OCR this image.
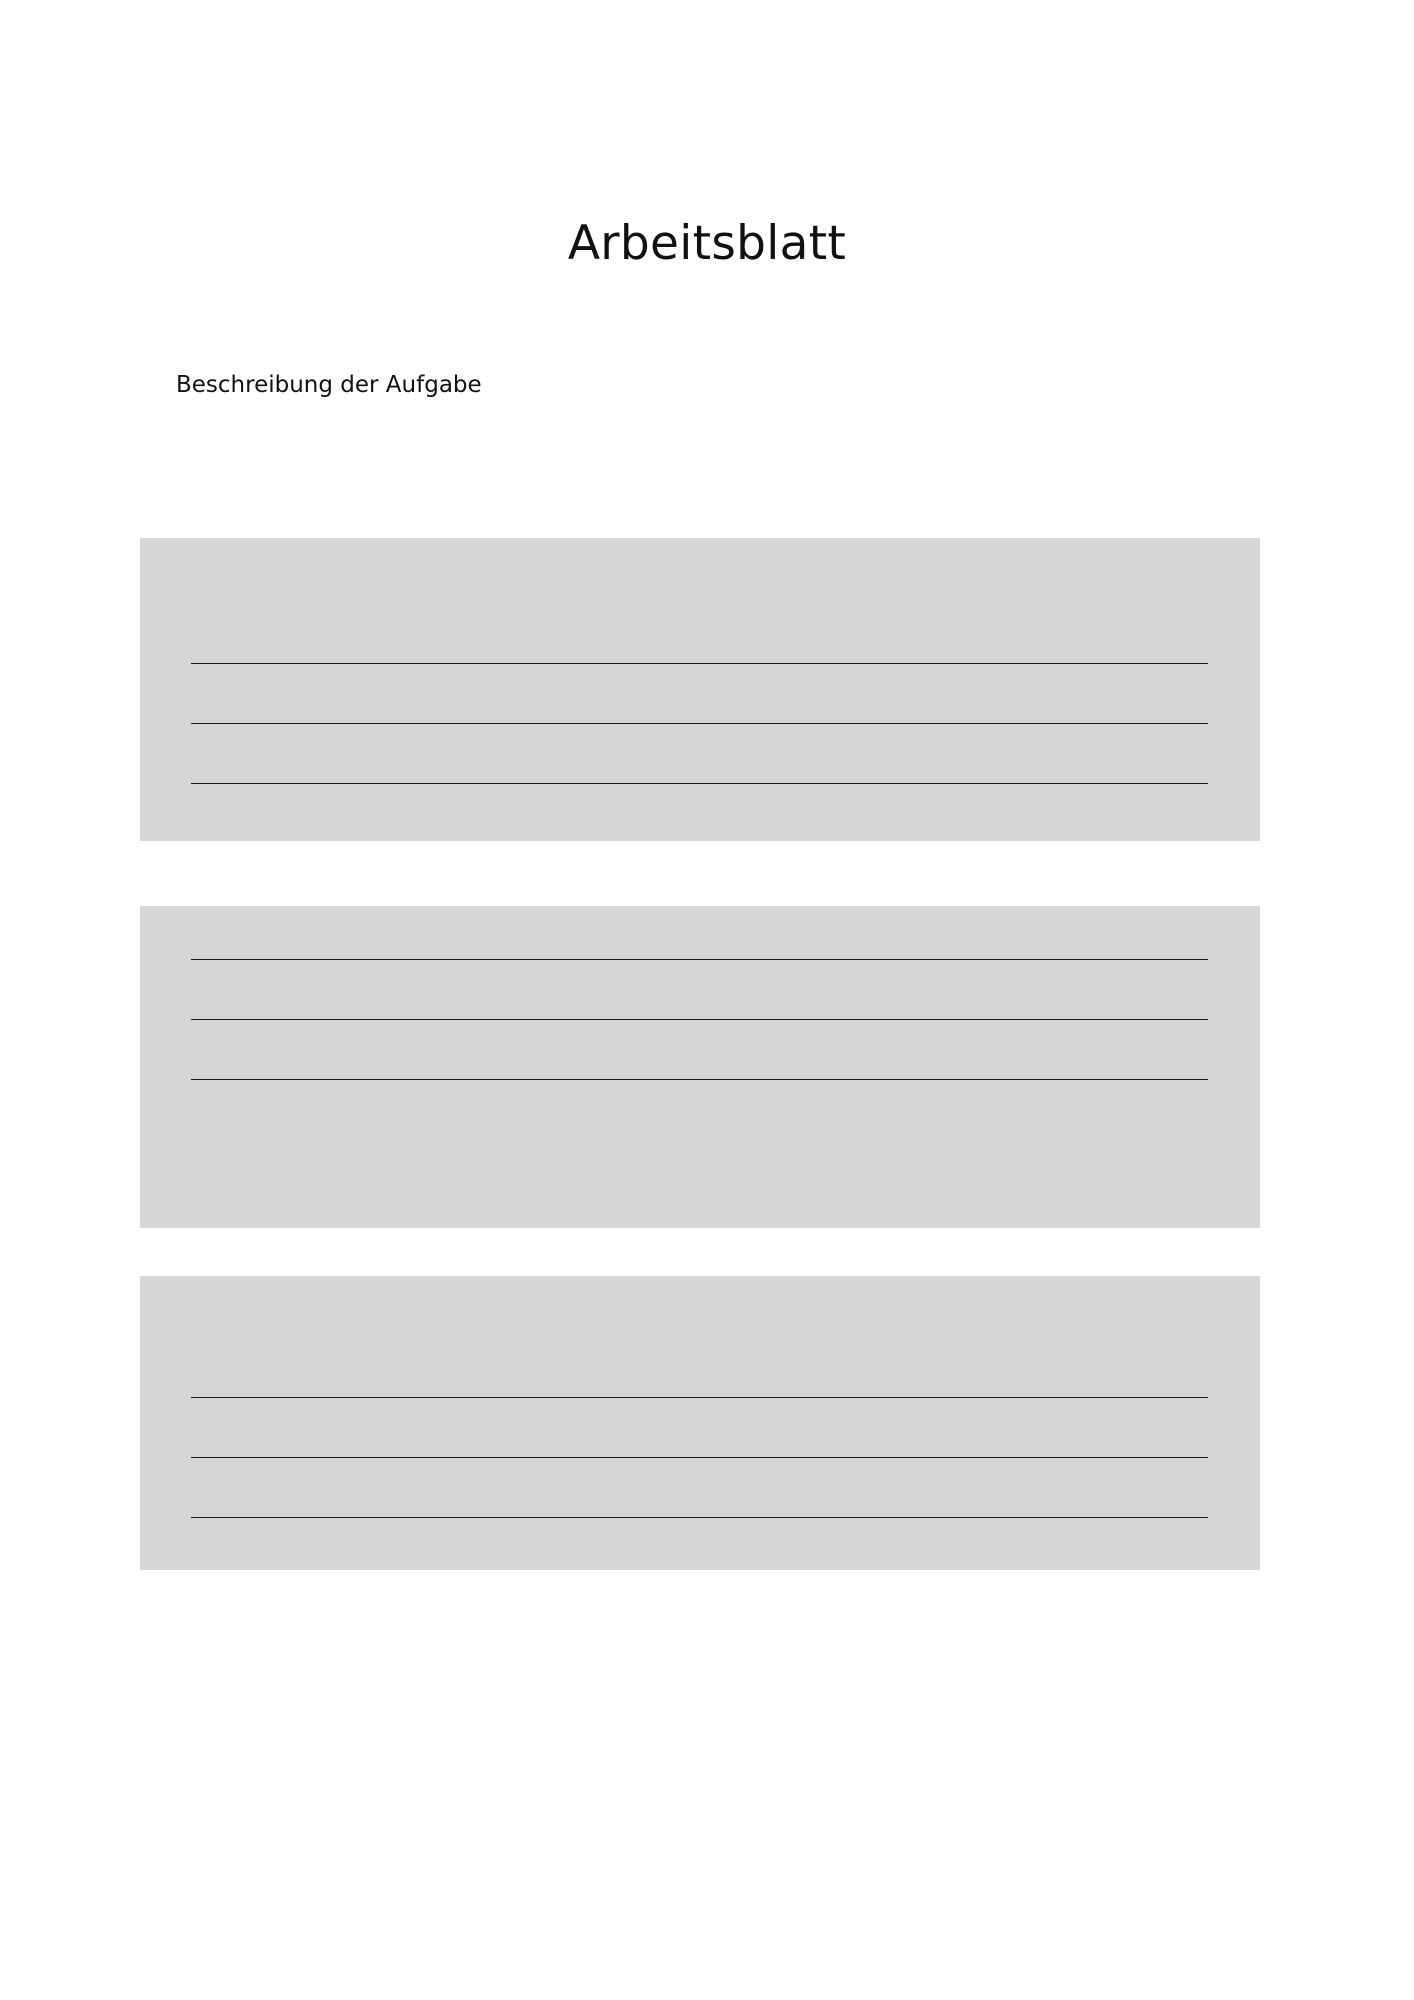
Arbeitsblatt
Beschreibung der Aufgabe
